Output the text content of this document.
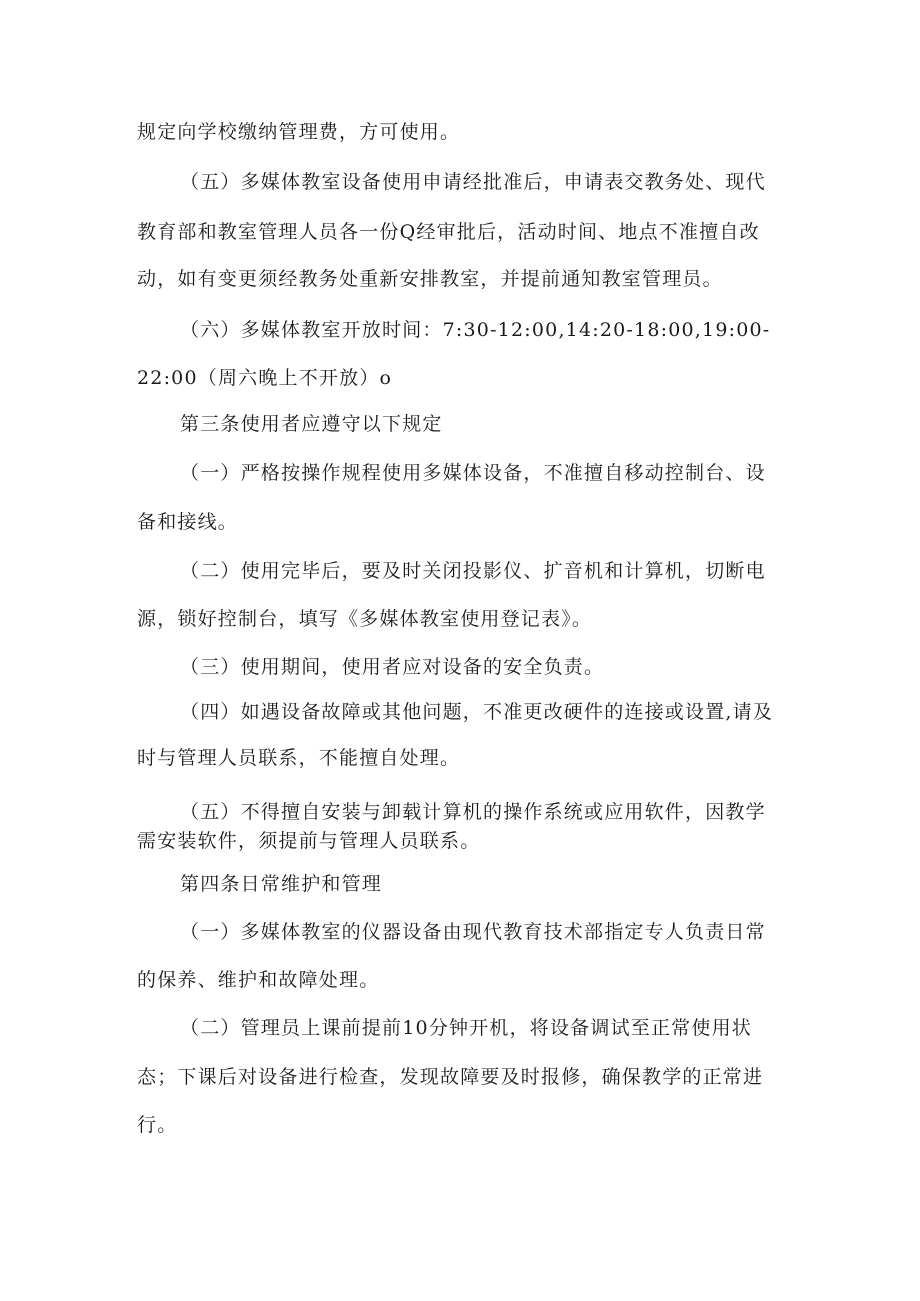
规定向学校缴纳管理费，方可使用。
（五）多媒体教室设备使用申请经批准后，申请表交教务处、现代
教育部和教室管理人员各一份Q经审批后，活动时间、地点不准擅自改
动，如有变更须经教务处重新安排教室，并提前通知教室管理员。
（六）多媒体教室开放时间：7:30-12:00,14:20-18:00,19:00-
22:00（周六晚上不开放）o
第三条使用者应遵守以下规定
（一）严格按操作规程使用多媒体设备，不准擅自移动控制台、设
备和接线。
（二）使用完毕后，要及时关闭投影仪、扩音机和计算机，切断电
源，锁好控制台，填写《多媒体教室使用登记表》。
（三）使用期间，使用者应对设备的安全负责。
（四）如遇设备故障或其他问题，不准更改硬件的连接或设置,请及
时与管理人员联系，不能擅自处理。
（五）不得擅自安装与卸载计算机的操作系统或应用软件，因教学
需安装软件，须提前与管理人员联系。
第四条日常维护和管理
（一）多媒体教室的仪器设备由现代教育技术部指定专人负责日常
的保养、维护和故障处理。
（二）管理员上课前提前10分钟开机，将设备调试至正常使用状
态；下课后对设备进行检查，发现故障要及时报修，确保教学的正常进
行。
